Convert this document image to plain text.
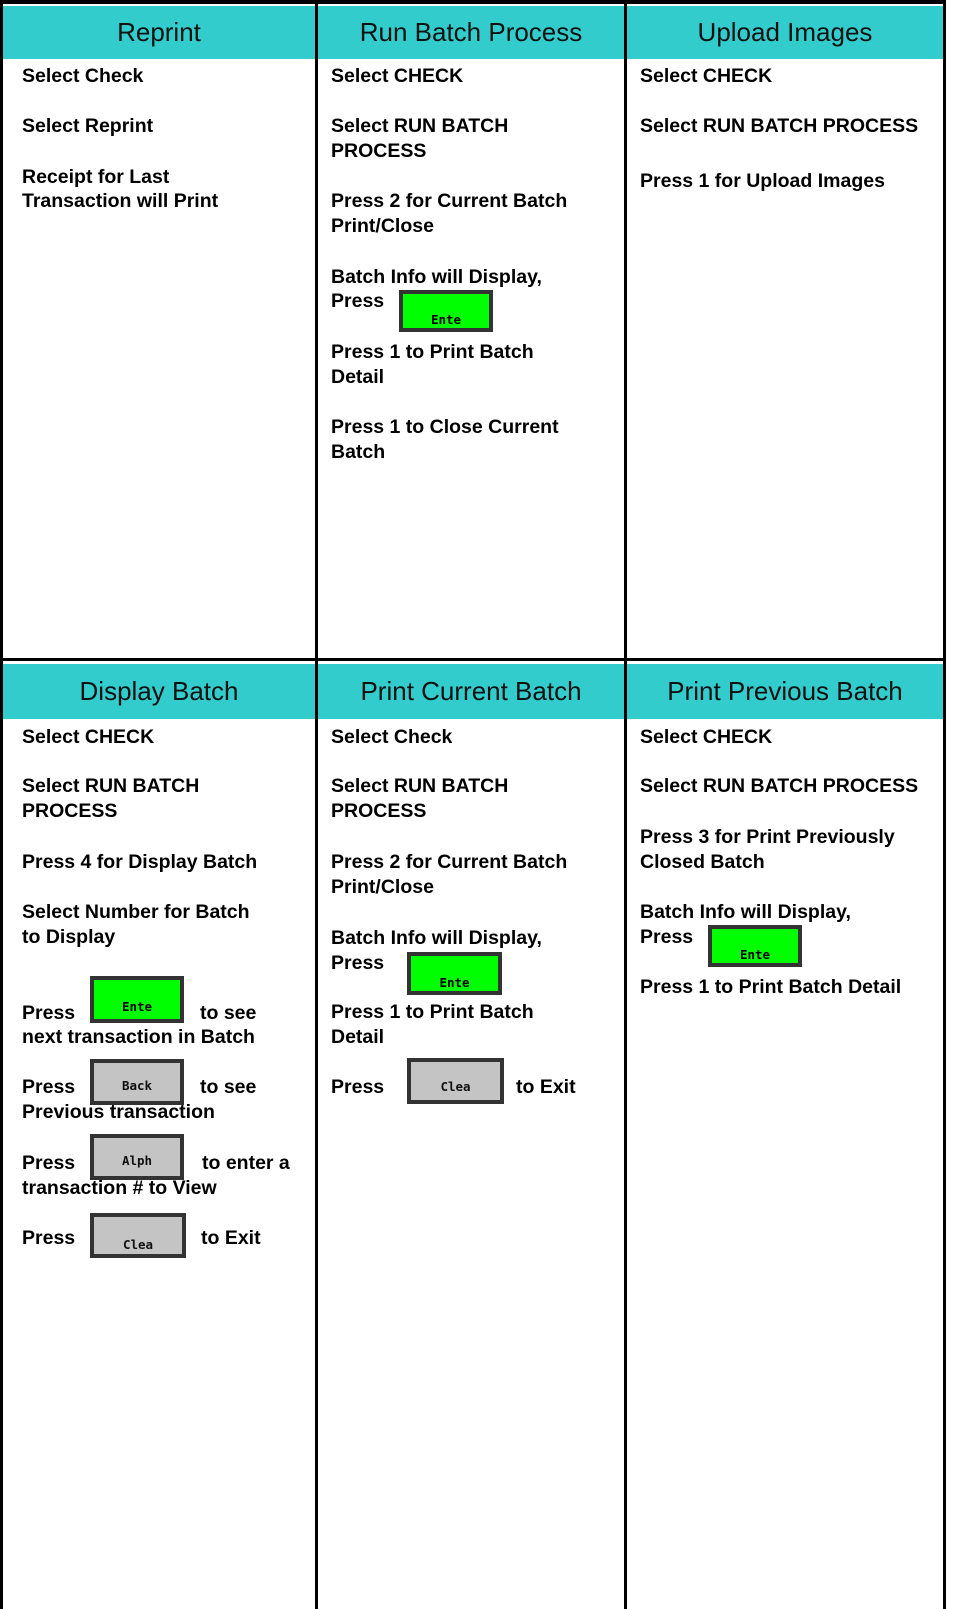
Reprint	Run Batch Process	Upload Images
Select Check
Select Reprint
Receipt for Last
Transaction will Print
Select CHECK
Select RUN BATCH
PROCESS
Press 2 for Current Batch
Print/Close
Batch Info will Display,
Press
Ente
Press 1 to Print Batch
Detail
Press 1 to Close Current
Batch
Select CHECK
Select RUN BATCH PROCESS
Press 1 for Upload Images
Display Batch	Print Current Batch	Print Previous Batch
Select CHECK
Select RUN BATCH
PROCESS
Press 4 for Display Batch
Select Number for Batch
to Display
Press	Ente	to see
next transaction in Batch
Press	Back	to see
Previous transaction
Press	Alph	to enter a
transaction # to View
Press	Clea	to Exit
Select Check
Select RUN BATCH
PROCESS
Press 2 for Current Batch
Print/Close
Batch Info will Display,
Press
Ente
Press 1 to Print Batch
Detail
Press	Clea	to Exit
Select CHECK
Select RUN BATCH PROCESS
Press 3 for Print Previously
Closed Batch
Batch Info will Display,
Press
Ente
Press 1 to Print Batch Detail
